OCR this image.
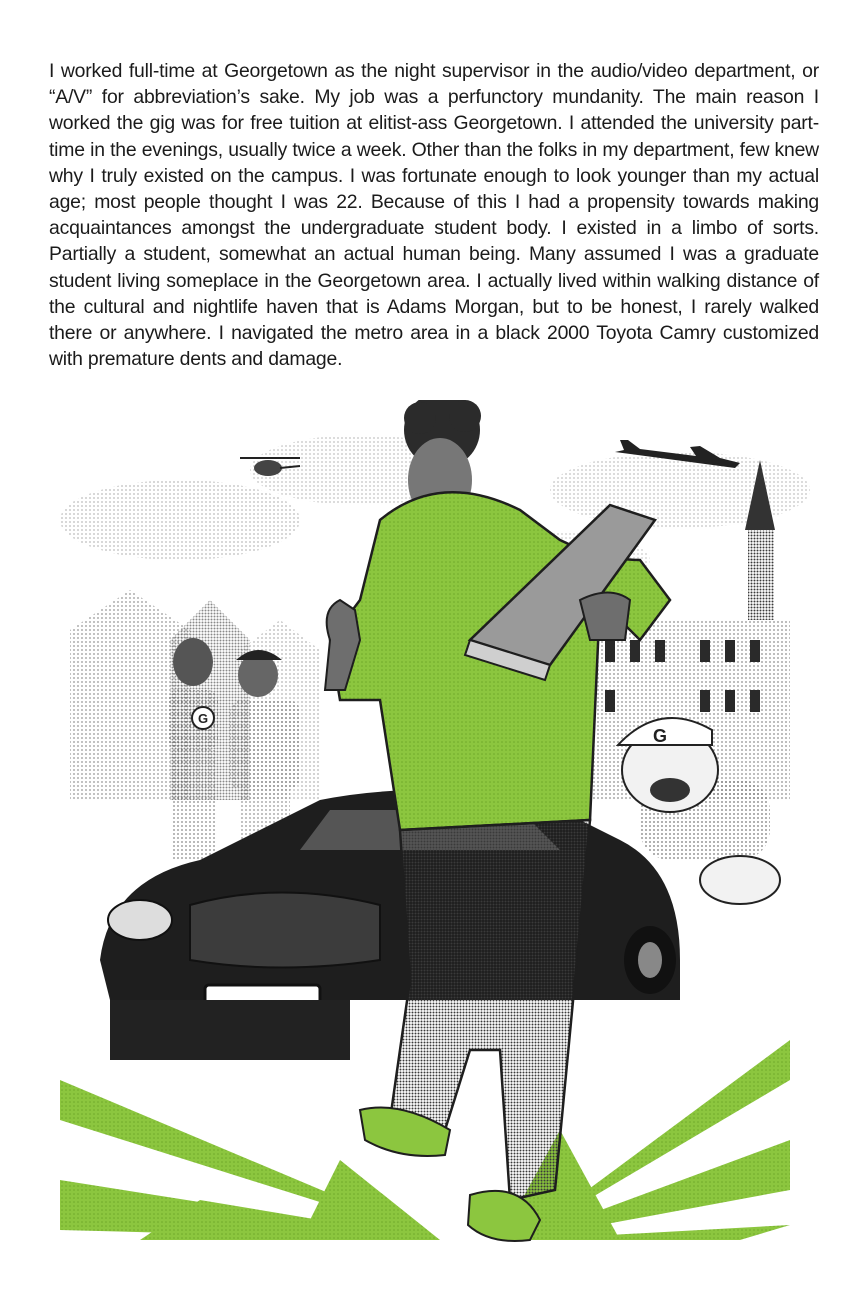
I worked full-time at Georgetown as the night supervisor in the audio/video department, or “A/V” for abbreviation’s sake. My job was a perfunctory mundanity. The main reason I worked the gig was for free tuition at elitist-ass Georgetown. I attended the university part-time in the evenings, usually twice a week. Other than the folks in my department, few knew why I truly existed on the campus. I was fortunate enough to look younger than my actual age; most people thought I was 22. Because of this I had a propensity towards making acquaintances amongst the undergraduate student body. I existed in a limbo of sorts. Partially a student, somewhat an actual human being. Many assumed I was a graduate student living someplace in the Georgetown area. I actually lived within walking distance of the cultural and nightlife haven that is Adams Morgan, but to be honest, I rarely walked there or anywhere. I navigated the metro area in a black 2000 Toyota Camry customized with premature dents and damage.

G
G
